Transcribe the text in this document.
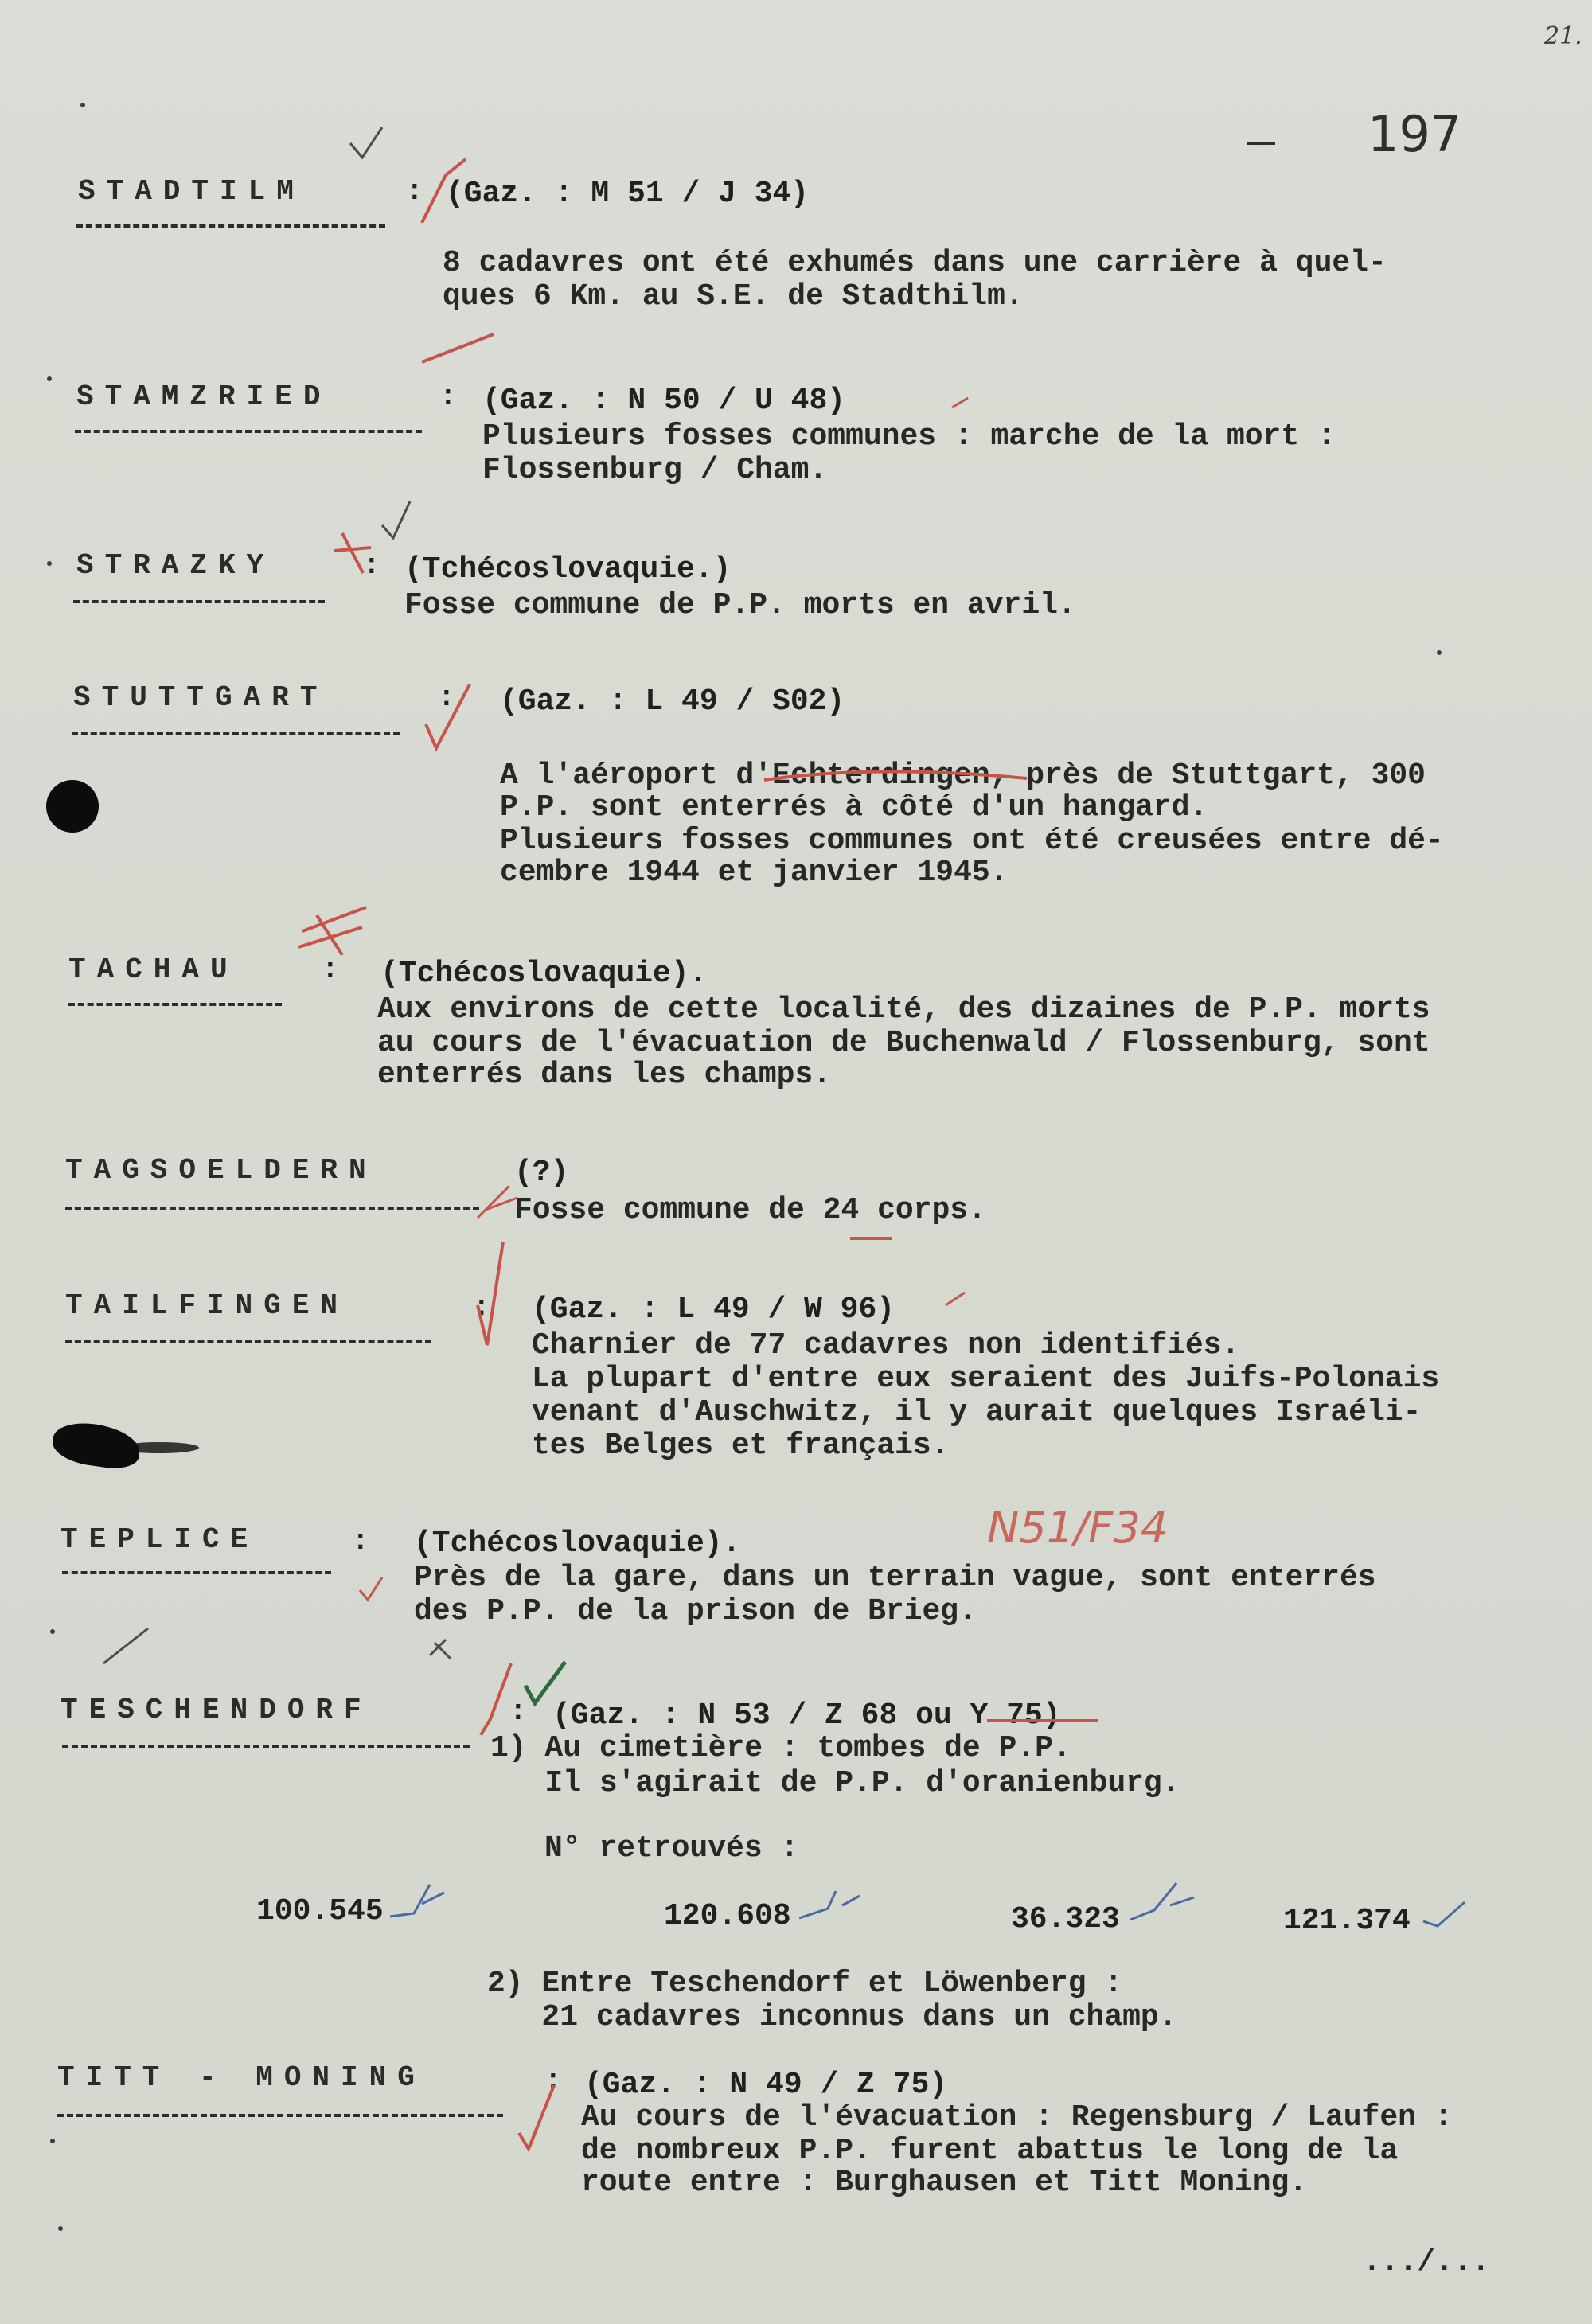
21.
197
STADTILM	: (Gaz. : M 51 / J 34)
8 cadavres ont été exhumés dans une carrière à quel-
ques 6 Km. au S.E. de Stadthilm.
STAMZRIED	: (Gaz. : N 50 / U 48)
Plusieurs fosses communes : marche de la mort :
Flossenburg / Cham.
STRAZKY	: (Tchécoslovaquie.)
Fosse commune de P.P. morts en avril.
STUTTGART	: (Gaz. : L 49 / S02)
A l'aéroport d'Echterdingen, près de Stuttgart, 300
P.P. sont enterrés à côté d'un hangard.
Plusieurs fosses communes ont été creusées entre dé-
cembre 1944 et janvier 1945.
TACHAU	: (Tchécoslovaquie).
Aux environs de cette localité, des dizaines de P.P. morts
au cours de l'évacuation de Buchenwald / Flossenburg, sont
enterrés dans les champs.
TAGSOELDERN	(?)
Fosse commune de 24 corps.
TAILFINGEN	: (Gaz. : L 49 / W 96)
Charnier de 77 cadavres non identifiés.
La plupart d'entre eux seraient des Juifs-Polonais
venant d'Auschwitz, il y aurait quelques Israéli-
tes Belges et français.
TEPLICE	: (Tchécoslovaquie).
Près de la gare, dans un terrain vague, sont enterrés
des P.P. de la prison de Brieg.
N51/F34
TESCHENDORF	: (Gaz. : N 53 / Z 68 ou Y 75)
1) Au cimetière : tombes de P.P.
Il s'agirait de P.P. d'oranienburg.
N° retrouvés :
100.545	120.608	36.323	121.374
2) Entre Teschendorf et Löwenberg :
21 cadavres inconnus dans un champ.
TITT - MONING	: (Gaz. : N 49 / Z 75)
Au cours de l'évacuation : Regensburg / Laufen :
de nombreux P.P. furent abattus le long de la
route entre : Burghausen et Titt Moning.
.../...
